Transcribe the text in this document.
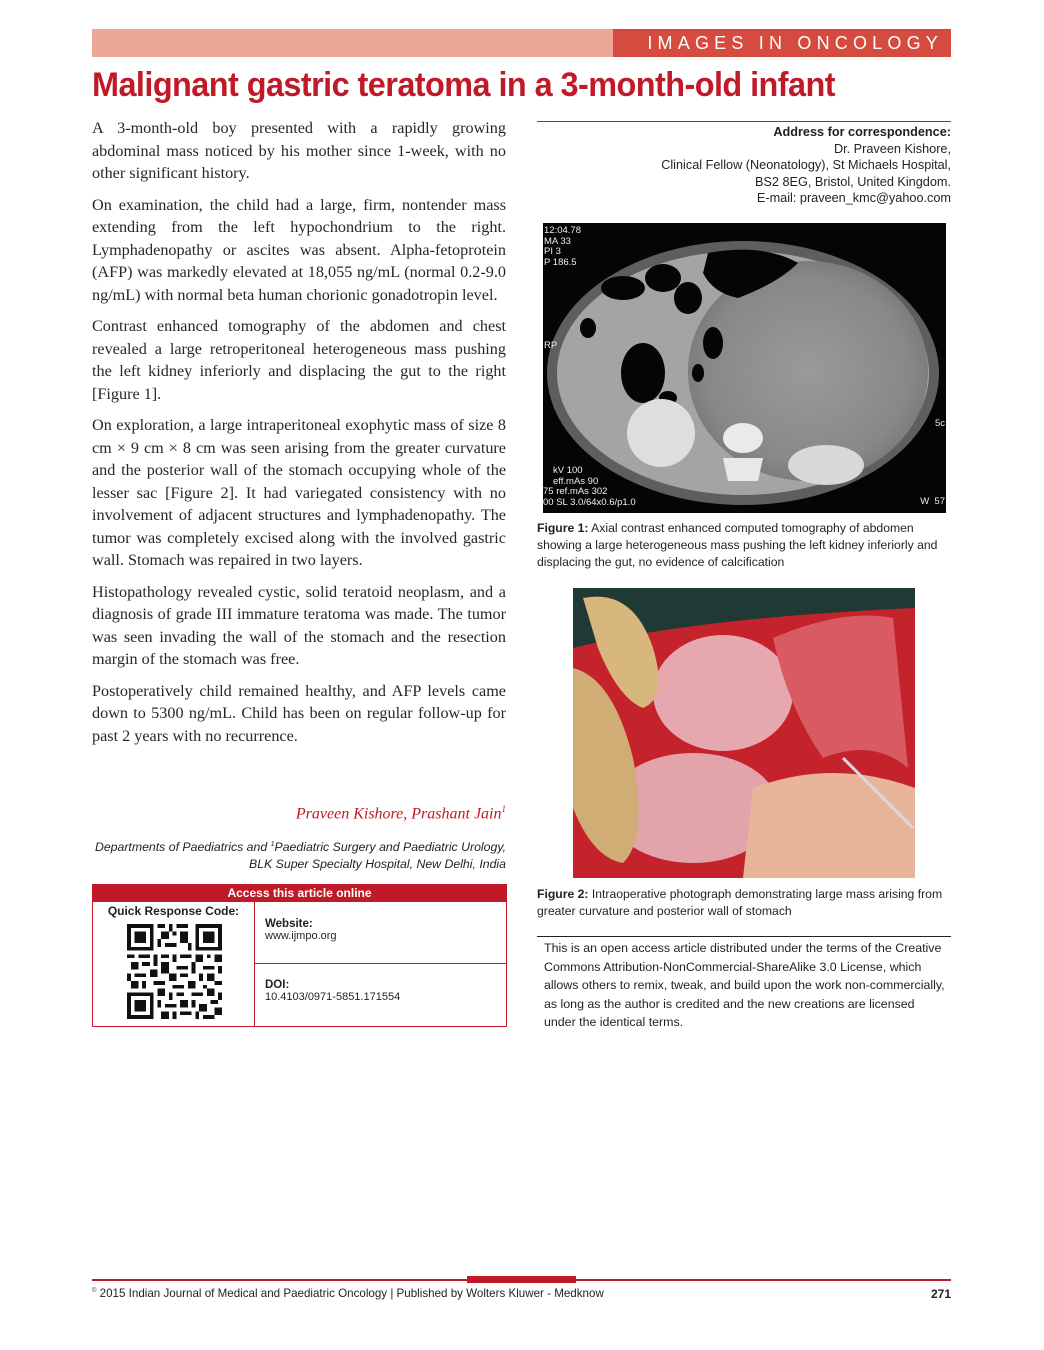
IMAGES IN ONCOLOGY
Malignant gastric teratoma in a 3-month-old infant

A 3-month-old boy presented with a rapidly growing abdominal mass noticed by his mother since 1-week, with no other significant history.

On examination, the child had a large, firm, nontender mass extending from the left hypochondrium to the right. Lymphadenopathy or ascites was absent. Alpha-fetoprotein (AFP) was markedly elevated at 18,055 ng/mL (normal 0.2-9.0 ng/mL) with normal beta human chorionic gonadotropin level.

Contrast enhanced tomography of the abdomen and chest revealed a large retroperitoneal heterogeneous mass pushing the left kidney inferiorly and displacing the gut to the right [Figure 1].

On exploration, a large intraperitoneal exophytic mass of size 8 cm × 9 cm × 8 cm was seen arising from the greater curvature and the posterior wall of the stomach occupying whole of the lesser sac [Figure 2]. It had variegated consistency with no involvement of adjacent structures and lymphadenopathy. The tumor was completely excised along with the involved gastric wall. Stomach was repaired in two layers.

Histopathology revealed cystic, solid teratoid neoplasm, and a diagnosis of grade III immature teratoma was made. The tumor was seen invading the wall of the stomach and the resection margin of the stomach was free.

Postoperatively child remained healthy, and AFP levels came down to 5300 ng/mL. Child has been on regular follow-up for past 2 years with no recurrence.

Praveen Kishore, Prashant Jain$^1$
Departments of Paediatrics and $^1$Paediatric Surgery and Paediatric Urology, BLK Super Specialty Hospital, New Delhi, India
Access this article online
Quick Response Code:
Website:
www.ijmpo.org
DOI:
10.4103/0971-5851.171554
Address for correspondence:
Dr. Praveen Kishore,
Clinical Fellow (Neonatology), St Michaels Hospital,
BS2 8EG, Bristol, United Kingdom.
E-mail: praveen_kmc@yahoo.com
12:04.78
MA 33
PI 3
P 186.5
RP
5c
kV 100
eff.mAs 90
75 ref.mAs 302
00 SL 3.0/64x0.6/p1.0	W  57
Figure 1: Axial contrast enhanced computed tomography of abdomen showing a large heterogeneous mass pushing the left kidney inferiorly and displacing the gut, no evidence of calcification
Figure 2: Intraoperative photograph demonstrating large mass arising from greater curvature and posterior wall of stomach
This is an open access article distributed under the terms of the Creative Commons Attribution-NonCommercial-ShareAlike 3.0 License, which allows others to remix, tweak, and build upon the work non-commercially, as long as the author is credited and the new creations are licensed under the identical terms.
© 2015 Indian Journal of Medical and Paediatric Oncology | Published by Wolters Kluwer - Medknow	271
